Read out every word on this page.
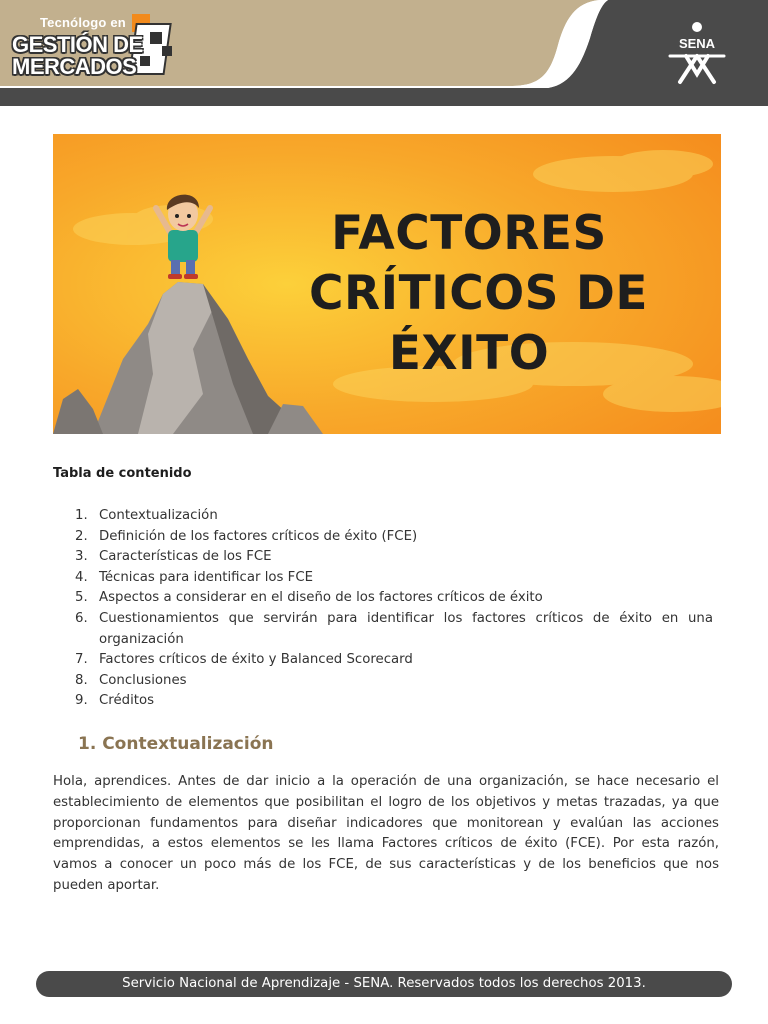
Tecnólogo en
GESTIÓN DE
MERCADOS
SENA
FACTORES
CRÍTICOS DE
ÉXITO
Tabla de contenido
1. Contextualización
2. Definición de los factores críticos de éxito (FCE)
3. Características de los FCE
4. Técnicas para identificar los FCE
5. Aspectos a considerar en el diseño de los factores críticos de éxito
6. Cuestionamientos que servirán para identificar los factores críticos de éxito en una organización
7. Factores críticos de éxito y Balanced Scorecard
8. Conclusiones
9. Créditos
1. Contextualización

Hola, aprendices. Antes de dar inicio a la operación de una organización, se hace necesario el establecimiento de elementos que posibilitan el logro de los objetivos y metas trazadas, ya que proporcionan fundamentos para diseñar indicadores que monitorean y evalúan las acciones emprendidas, a estos elementos se les llama Factores críticos de éxito (FCE). Por esta razón, vamos a conocer un poco más de los FCE, de sus características y de los beneficios que nos pueden aportar.

Servicio Nacional de Aprendizaje - SENA. Reservados todos los derechos 2013.
